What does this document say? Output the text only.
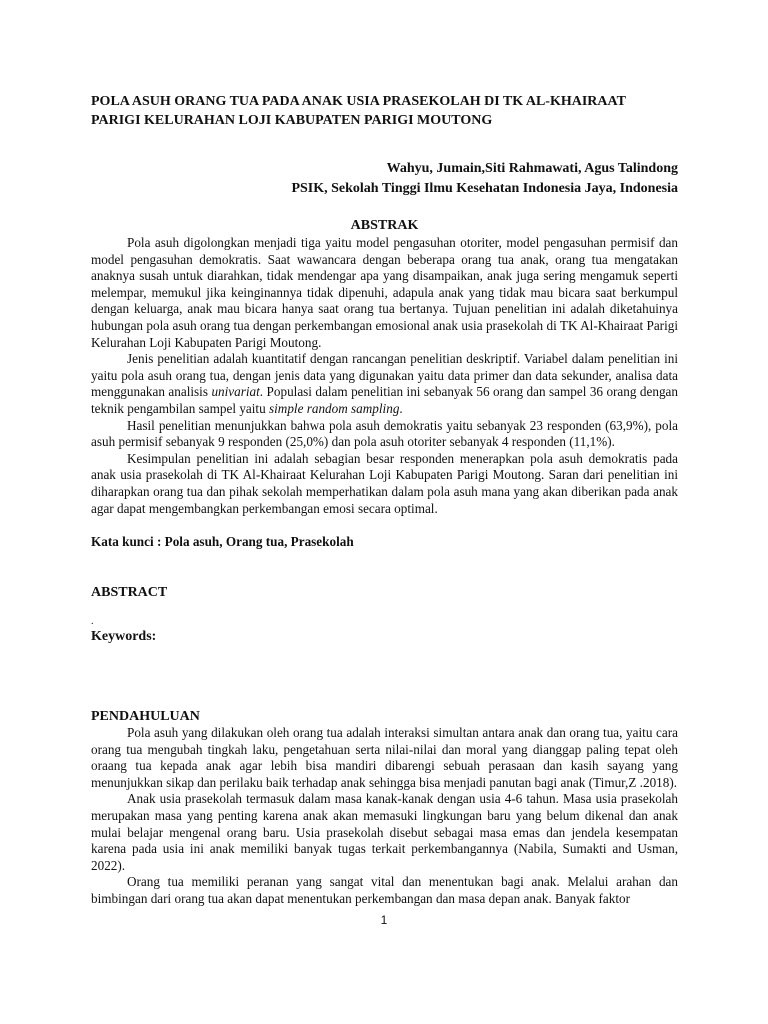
POLA ASUH ORANG TUA PADA ANAK USIA PRASEKOLAH DI TK AL-KHAIRAAT
PARIGI KELURAHAN LOJI KABUPATEN PARIGI MOUTONG
Wahyu, Jumain,Siti Rahmawati, Agus Talindong
PSIK, Sekolah Tinggi Ilmu Kesehatan Indonesia Jaya, Indonesia
ABSTRAK

Pola asuh digolongkan menjadi tiga yaitu model pengasuhan otoriter, model pengasuhan permisif dan model pengasuhan demokratis. Saat wawancara dengan beberapa orang tua anak, orang tua mengatakan anaknya susah untuk diarahkan, tidak mendengar apa yang disampaikan, anak juga sering mengamuk seperti melempar, memukul jika keinginannya tidak dipenuhi, adapula anak yang tidak mau bicara saat berkumpul dengan keluarga, anak mau bicara hanya saat orang tua bertanya. Tujuan penelitian ini adalah diketahuinya hubungan pola asuh orang tua dengan perkembangan emosional anak usia prasekolah di TK Al-Khairaat Parigi Kelurahan Loji Kabupaten Parigi Moutong.

Jenis penelitian adalah kuantitatif dengan rancangan penelitian deskriptif. Variabel dalam penelitian ini yaitu pola asuh orang tua, dengan jenis data yang digunakan yaitu data primer dan data sekunder, analisa data menggunakan analisis univariat. Populasi dalam penelitian ini sebanyak 56 orang dan sampel 36 orang dengan teknik pengambilan sampel yaitu simple random sampling.

Hasil penelitian menunjukkan bahwa pola asuh demokratis yaitu sebanyak 23 responden (63,9%), pola asuh permisif sebanyak 9 responden (25,0%) dan pola asuh otoriter sebanyak 4 responden (11,1%).

Kesimpulan penelitian ini adalah sebagian besar responden menerapkan pola asuh demokratis pada anak usia prasekolah di TK Al-Khairaat Kelurahan Loji Kabupaten Parigi Moutong. Saran dari penelitian ini diharapkan orang tua dan pihak sekolah memperhatikan dalam pola asuh mana yang akan diberikan pada anak agar dapat mengembangkan perkembangan emosi secara optimal.

Kata kunci : Pola asuh, Orang tua, Prasekolah
ABSTRACT
.
Keywords:
PENDAHULUAN

Pola asuh yang dilakukan oleh orang tua adalah interaksi simultan antara anak dan orang tua, yaitu cara orang tua mengubah tingkah laku, pengetahuan serta nilai-nilai dan moral yang dianggap paling tepat oleh oraang tua kepada anak agar lebih bisa mandiri dibarengi sebuah perasaan dan kasih sayang yang menunjukkan sikap dan perilaku baik terhadap anak sehingga bisa menjadi panutan bagi anak (Timur,Z .2018).

Anak usia prasekolah termasuk dalam masa kanak-kanak dengan usia 4-6 tahun. Masa usia prasekolah merupakan masa yang penting karena anak akan memasuki lingkungan baru yang belum dikenal dan anak mulai belajar mengenal orang baru. Usia prasekolah disebut sebagai masa emas dan jendela kesempatan karena pada usia ini anak memiliki banyak tugas terkait perkembangannya (Nabila, Sumakti and Usman, 2022).

Orang tua memiliki peranan yang sangat vital dan menentukan bagi anak. Melalui arahan dan bimbingan dari orang tua akan dapat menentukan perkembangan dan masa depan anak. Banyak faktor

1
